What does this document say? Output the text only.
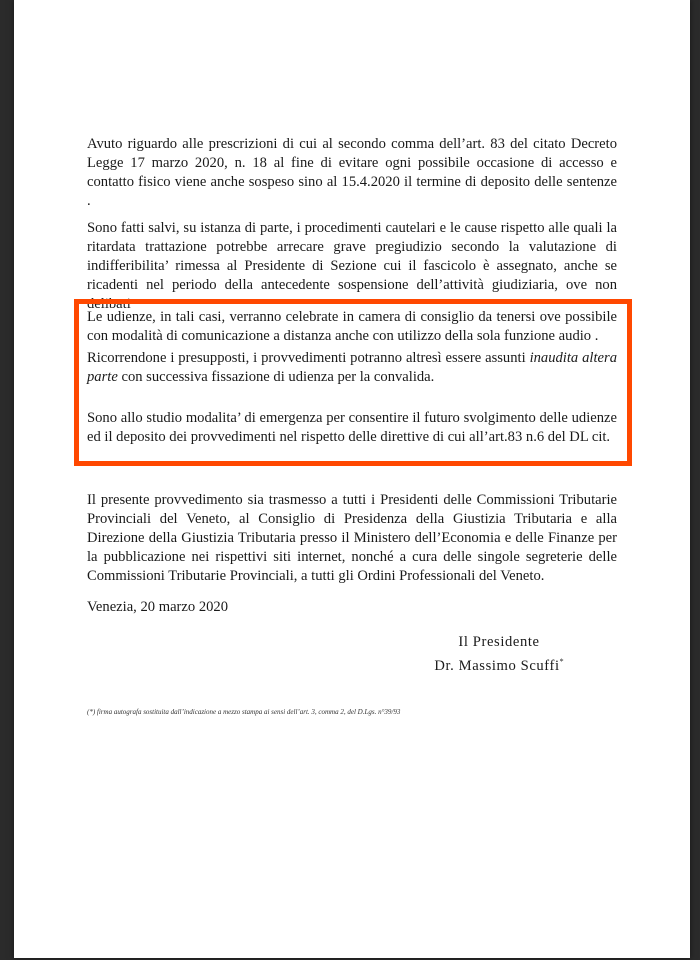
Avuto riguardo alle prescrizioni di cui al secondo comma dell’art. 83 del citato Decreto Legge 17 marzo 2020, n. 18 al fine di evitare ogni possibile occasione di accesso e contatto fisico viene anche sospeso sino al 15.4.2020 il termine di deposito delle sentenze .

Sono fatti salvi, su istanza di parte, i procedimenti cautelari e le cause rispetto alle quali la ritardata trattazione potrebbe arrecare grave pregiudizio secondo la valutazione di indifferibilita’ rimessa al Presidente di Sezione cui il fascicolo è assegnato, anche se ricadenti nel periodo della antecedente sospensione dell’attività giudiziaria, ove non delibati

Le udienze, in tali casi, verranno celebrate in camera di consiglio da tenersi ove possibile con modalità di comunicazione a distanza anche con utilizzo della sola funzione audio .

Ricorrendone i presupposti, i provvedimenti potranno altresì essere assunti inaudita altera parte con successiva fissazione di udienza per la convalida.

Sono allo studio modalita’ di emergenza per consentire il futuro svolgimento delle udienze ed il deposito dei provvedimenti nel rispetto delle direttive di cui all’art.83 n.6 del DL cit.

Il presente provvedimento sia trasmesso a tutti i Presidenti delle Commissioni Tributarie Provinciali del Veneto, al Consiglio di Presidenza della Giustizia Tributaria e alla Direzione della Giustizia Tributaria presso il Ministero dell’Economia e delle Finanze per la pubblicazione nei rispettivi siti internet, nonché a cura delle singole segreterie delle Commissioni Tributarie Provinciali, a tutti gli Ordini Professionali del Veneto.

Venezia, 20 marzo 2020

Il Presidente
Dr. Massimo Scuffi*
(*) firma autografa sostituita dall’indicazione a mezzo stampa ai sensi dell’art. 3, comma 2, del D.Lgs. n°39/93
